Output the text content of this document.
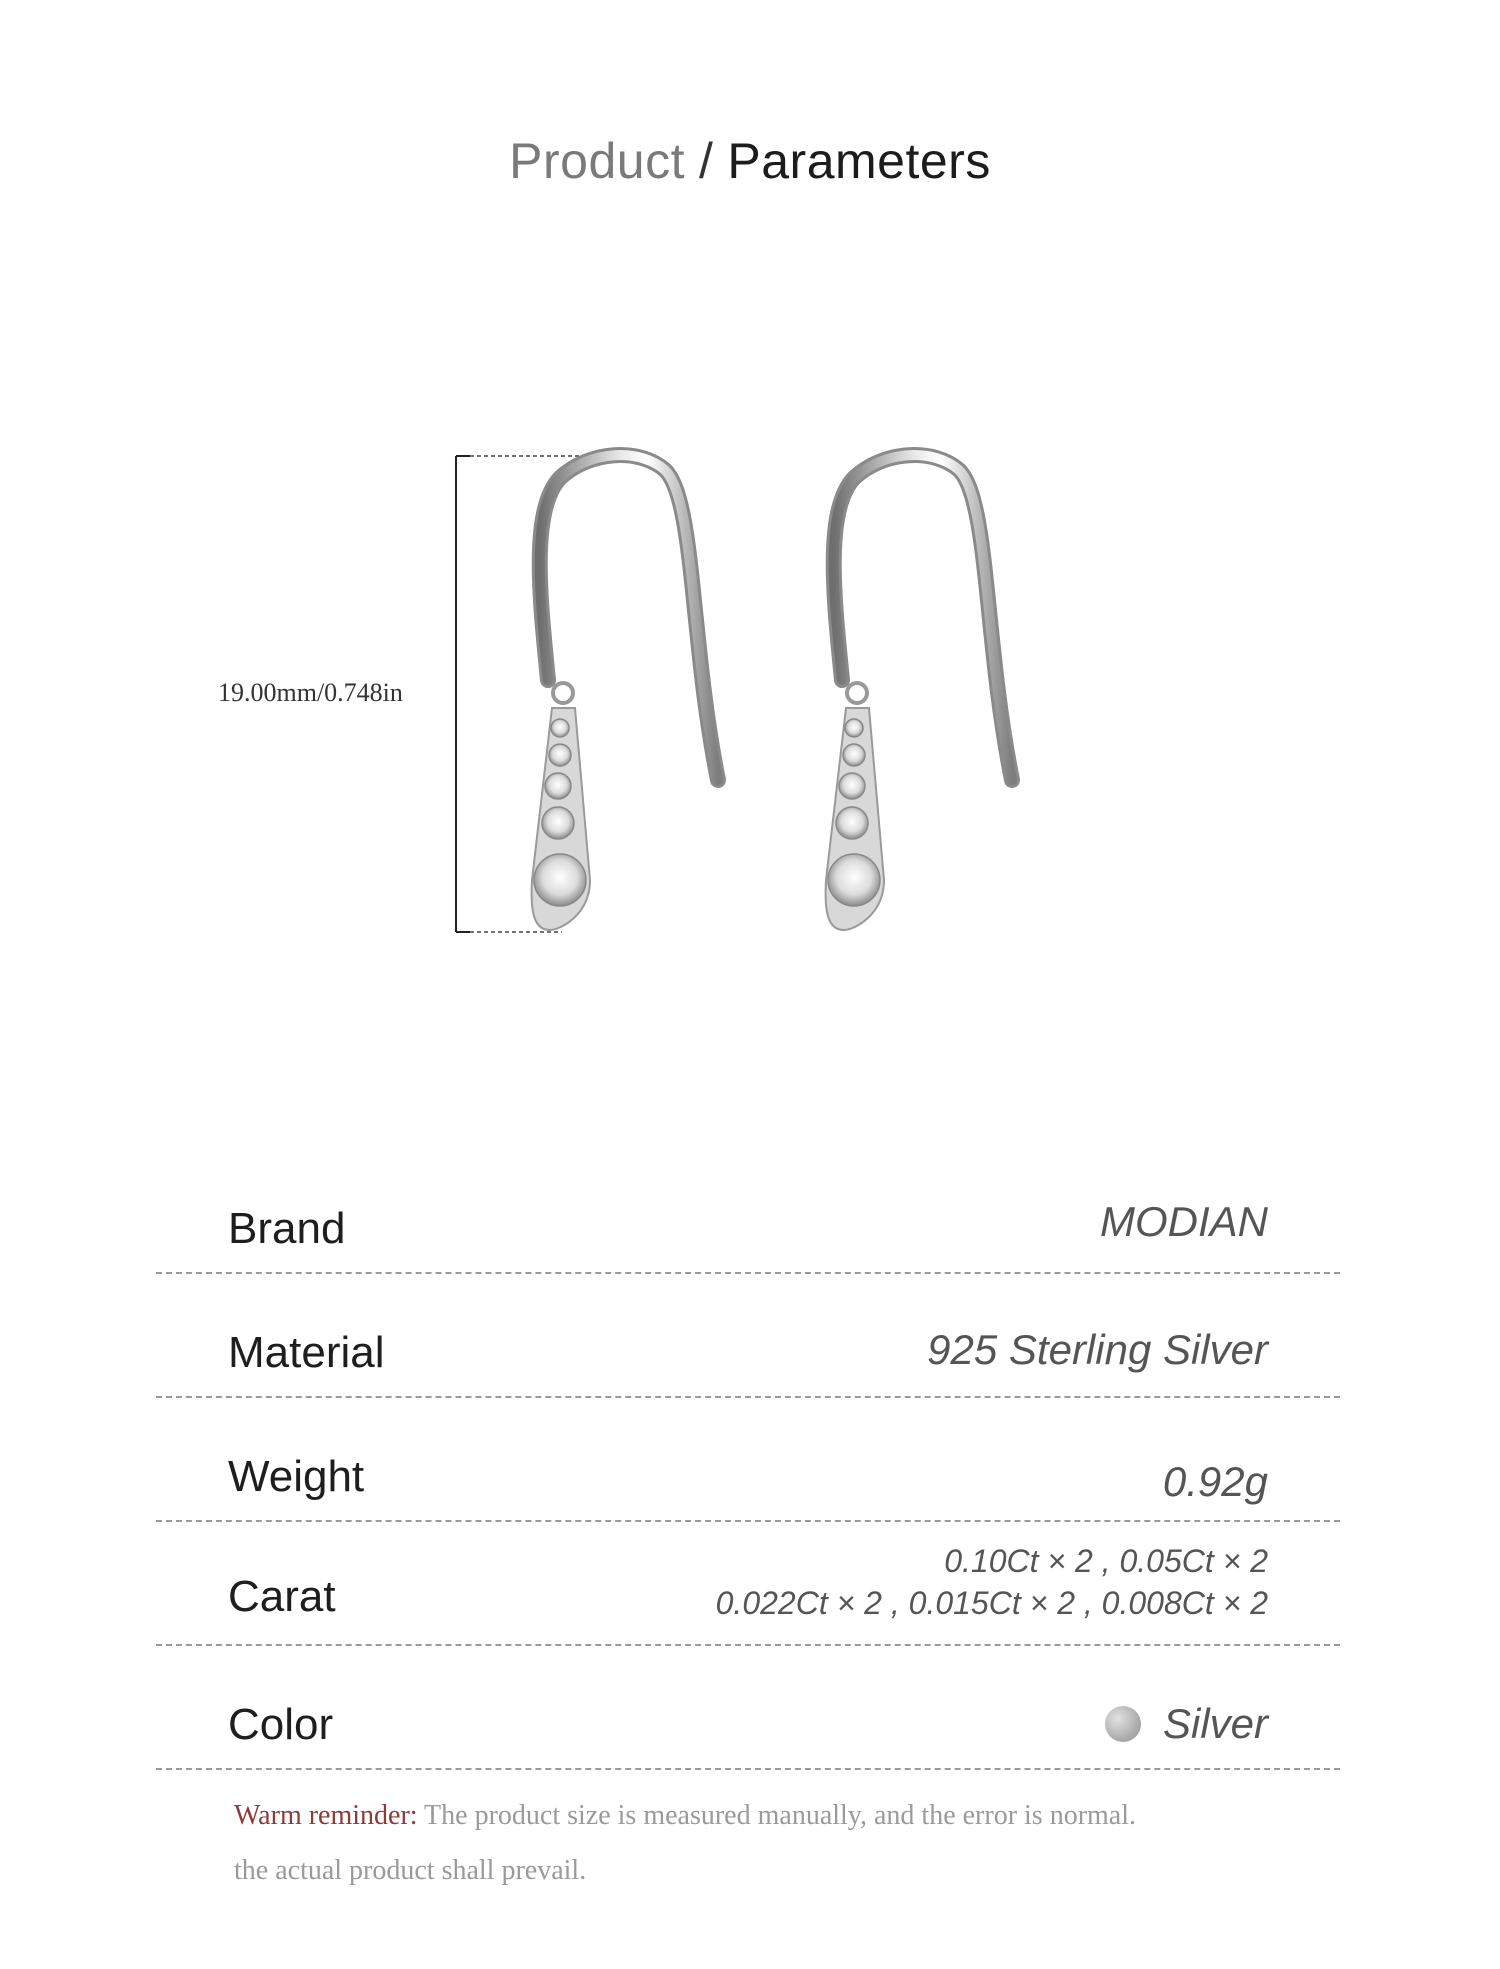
Product / Parameters
19.00mm/0.748in
Brand	MODIAN
Material	925 Sterling Silver
Weight	0.92g
Carat
0.10Ct × 2 , 0.05Ct × 2
0.022Ct × 2 , 0.015Ct × 2 , 0.008Ct × 2
Color	Silver
Warm reminder: The product size is measured manually, and the error is normal.
the actual product shall prevail.
